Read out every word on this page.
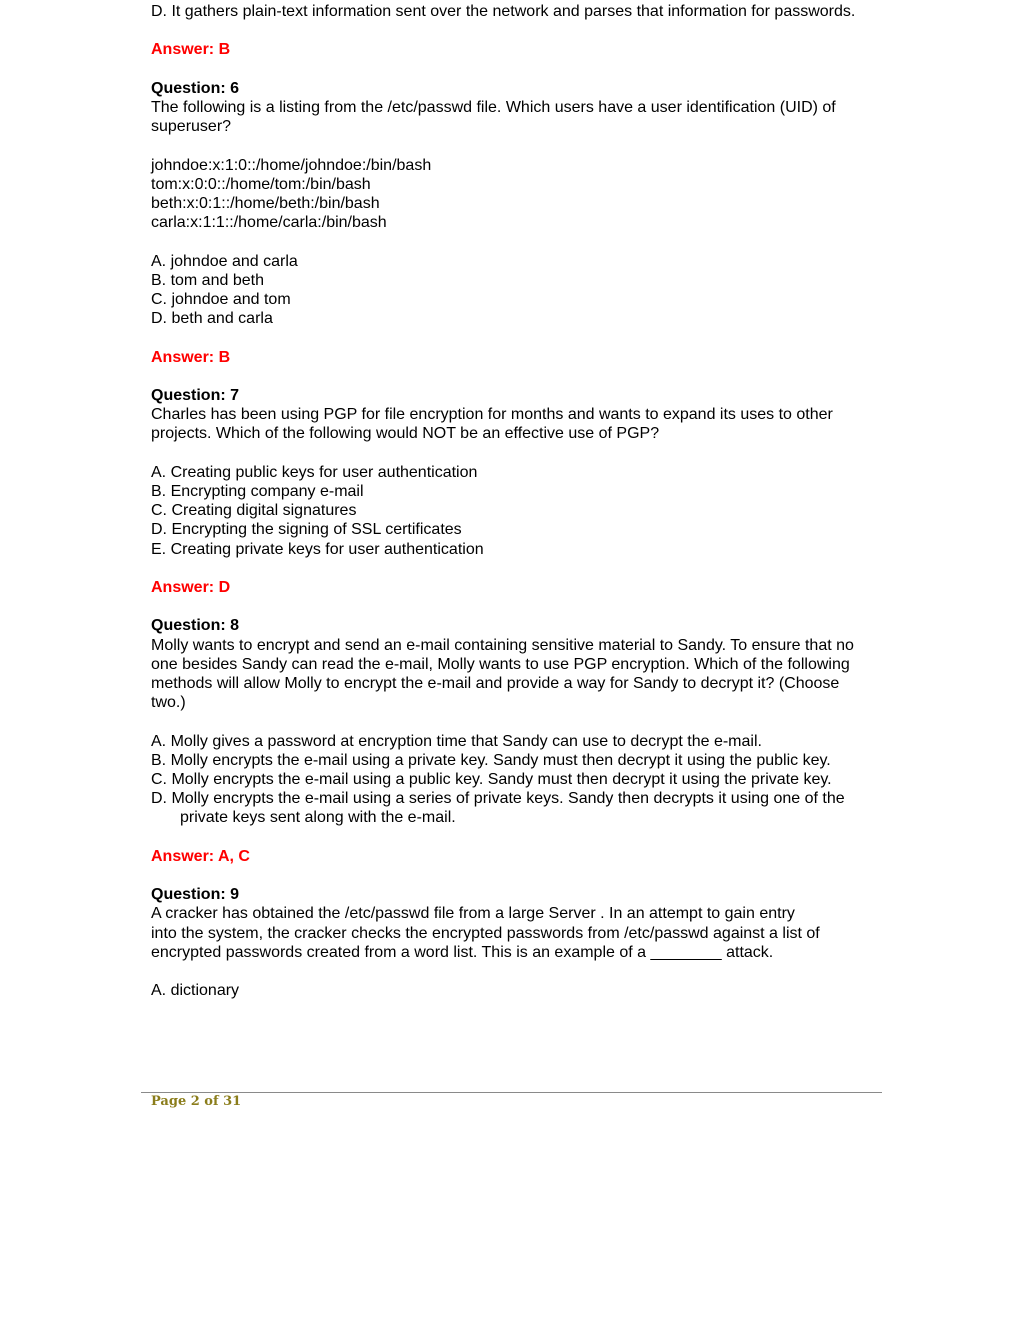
D. It gathers plain-text information sent over the network and parses that information for passwords.
Answer: B
Question: 6
The following is a listing from the /etc/passwd file. Which users have a user identification (UID) of superuser?
johndoe:x:1:0::/home/johndoe:/bin/bash
tom:x:0:0::/home/tom:/bin/bash
beth:x:0:1::/home/beth:/bin/bash
carla:x:1:1::/home/carla:/bin/bash
A. johndoe and carla
B. tom and beth
C. johndoe and tom
D. beth and carla
Answer: B
Question: 7
Charles has been using PGP for file encryption for months and wants to expand its uses to other projects. Which of the following would NOT be an effective use of PGP?
A. Creating public keys for user authentication
B. Encrypting company e-mail
C. Creating digital signatures
D. Encrypting the signing of SSL certificates
E. Creating private keys for user authentication
Answer: D
Question: 8
Molly wants to encrypt and send an e-mail containing sensitive material to Sandy. To ensure that no one besides Sandy can read the e-mail, Molly wants to use PGP encryption. Which of the following methods will allow Molly to encrypt the e-mail and provide a way for Sandy to decrypt it? (Choose two.)
A. Molly gives a password at encryption time that Sandy can use to decrypt the e-mail.
B. Molly encrypts the e-mail using a private key. Sandy must then decrypt it using the public key.
C. Molly encrypts the e-mail using a public key. Sandy must then decrypt it using the private key.
D. Molly encrypts the e-mail using a series of private keys. Sandy then decrypts it using one of the private keys sent along with the e-mail.
Answer: A, C
Question: 9
A cracker has obtained the /etc/passwd file from a large Server . In an attempt to gain entry
into the system, the cracker checks the encrypted passwords from /etc/passwd against a list of
encrypted passwords created from a word list. This is an example of a ________ attack.
A. dictionary
Page 2 of 31
